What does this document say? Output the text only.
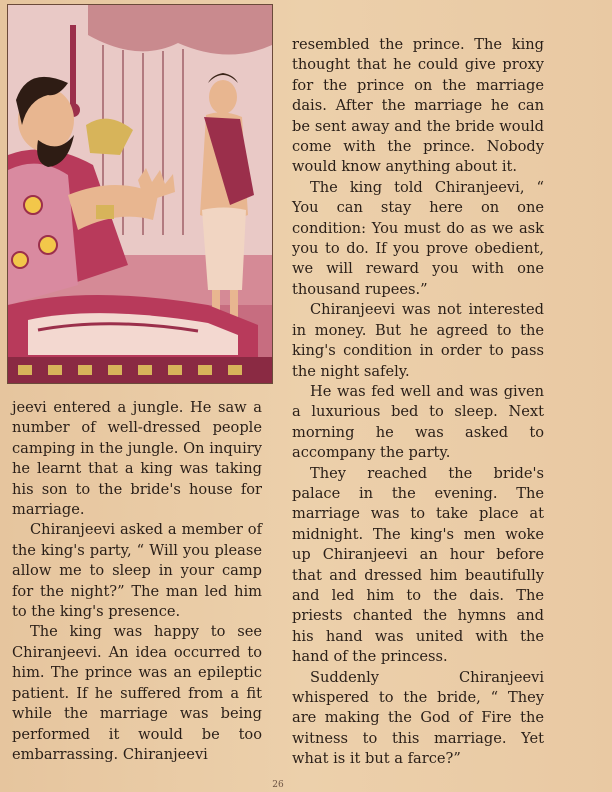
jeevi entered a jungle. He saw a number of well-dressed people camping in the jungle. On inquiry he learnt that a king was taking his son to the bride's house for marriage.

Chiranjeevi asked a member of the king's party, “ Will you please allow me to sleep in your camp for the night?” The man led him to the king's presence.

The king was happy to see Chiranjeevi. An idea occurred to him. The prince was an epileptic patient. If he suffered from a fit while the marriage was being performed it would be too embarrassing. Chiranjeevi

resembled the prince. The king thought that he could give proxy for the prince on the marriage dais. After the marriage he can be sent away and the bride would come with the prince. Nobody would know anything about it.

The king told Chiranjeevi, “ You can stay here on one condition: You must do as we ask you to do. If you prove obedient, we will reward you with one thousand rupees.”

Chiranjeevi was not interested in money. But he agreed to the king's condition in order to pass the night safely.

He was fed well and was given a luxurious bed to sleep. Next morning he was asked to accompany the party.

They reached the bride's palace in the evening. The marriage was to take place at midnight. The king's men woke up Chiranjeevi an hour before that and dressed him beautifully and led him to the dais. The priests chanted the hymns and his hand was united with the hand of the princess.

Suddenly Chiranjeevi whispered to the bride, “ They are making the God of Fire the witness to this marriage. Yet what is it but a farce?”

26
